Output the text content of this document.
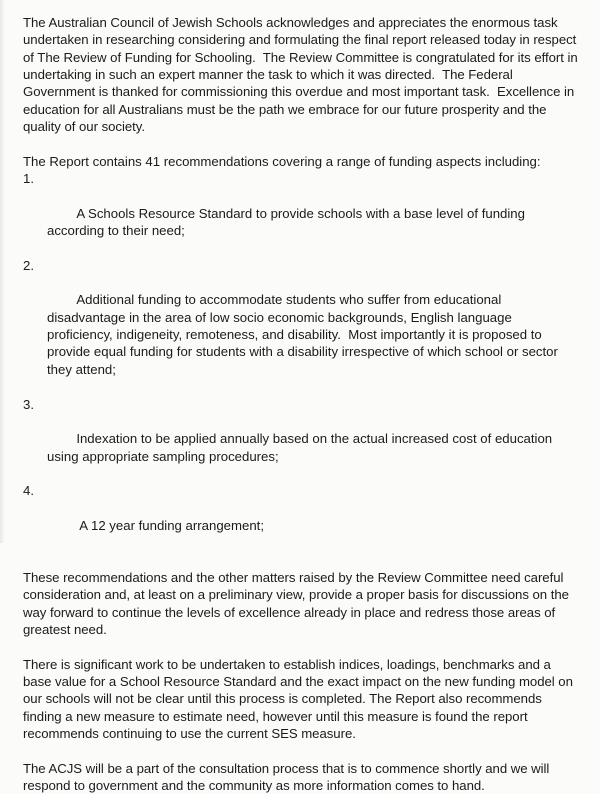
The Australian Council of Jewish Schools acknowledges and appreciates the enormous task undertaken in researching considering and formulating the final report released today in respect of The Review of Funding for Schooling.  The Review Committee is congratulated for its effort in undertaking in such an expert manner the task to which it was directed.  The Federal Government is thanked for commissioning this overdue and most important task.  Excellence in education for all Australians must be the path we embrace for our future prosperity and the quality of our society.

The Report contains 41 recommendations covering a range of funding aspects including:

1.

A Schools Resource Standard to provide schools with a base level of funding according to their need;

2.

Additional funding to accommodate students who suffer from educational disadvantage in the area of low socio economic backgrounds, English language proficiency, indigeneity, remoteness, and disability.  Most importantly it is proposed to provide equal funding for students with a disability irrespective of which school or sector they attend;

3.

Indexation to be applied annually based on the actual increased cost of education using appropriate sampling procedures;

4.

A 12 year funding arrangement;

These recommendations and the other matters raised by the Review Committee need careful consideration and, at least on a preliminary view, provide a proper basis for discussions on the way forward to continue the levels of excellence already in place and redress those areas of greatest need.

There is significant work to be undertaken to establish indices, loadings, benchmarks and a base value for a School Resource Standard and the exact impact on the new funding model on our schools will not be clear until this process is completed. The Report also recommends finding a new measure to estimate need, however until this measure is found the report recommends continuing to use the current SES measure.

The ACJS will be a part of the consultation process that is to commence shortly and we will respond to government and the community as more information comes to hand.
